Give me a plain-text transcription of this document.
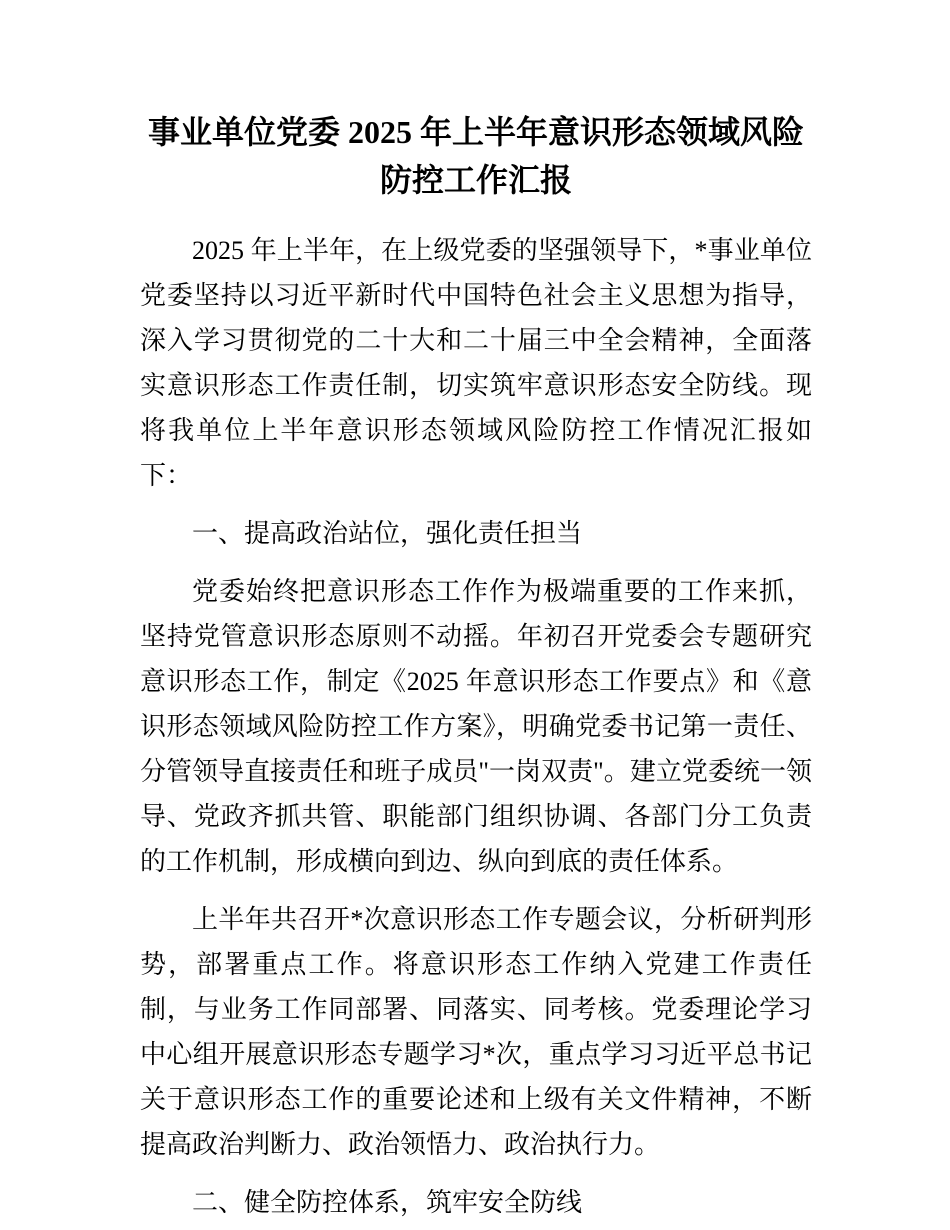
事业单位党委 2025 年上半年意识形态领域风险防控工作汇报

2025 年上半年，在上级党委的坚强领导下，*事业单位党委坚持以习近平新时代中国特色社会主义思想为指导，深入学习贯彻党的二十大和二十届三中全会精神，全面落实意识形态工作责任制，切实筑牢意识形态安全防线。现将我单位上半年意识形态领域风险防控工作情况汇报如下：

一、提高政治站位，强化责任担当

党委始终把意识形态工作作为极端重要的工作来抓，坚持党管意识形态原则不动摇。年初召开党委会专题研究意识形态工作，制定《2025 年意识形态工作要点》和《意识形态领域风险防控工作方案》，明确党委书记第一责任、分管领导直接责任和班子成员"一岗双责"。建立党委统一领导、党政齐抓共管、职能部门组织协调、各部门分工负责的工作机制，形成横向到边、纵向到底的责任体系。

上半年共召开*次意识形态工作专题会议，分析研判形势，部署重点工作。将意识形态工作纳入党建工作责任制，与业务工作同部署、同落实、同考核。党委理论学习中心组开展意识形态专题学习*次，重点学习习近平总书记关于意识形态工作的重要论述和上级有关文件精神，不断提高政治判断力、政治领悟力、政治执行力。

二、健全防控体系，筑牢安全防线
